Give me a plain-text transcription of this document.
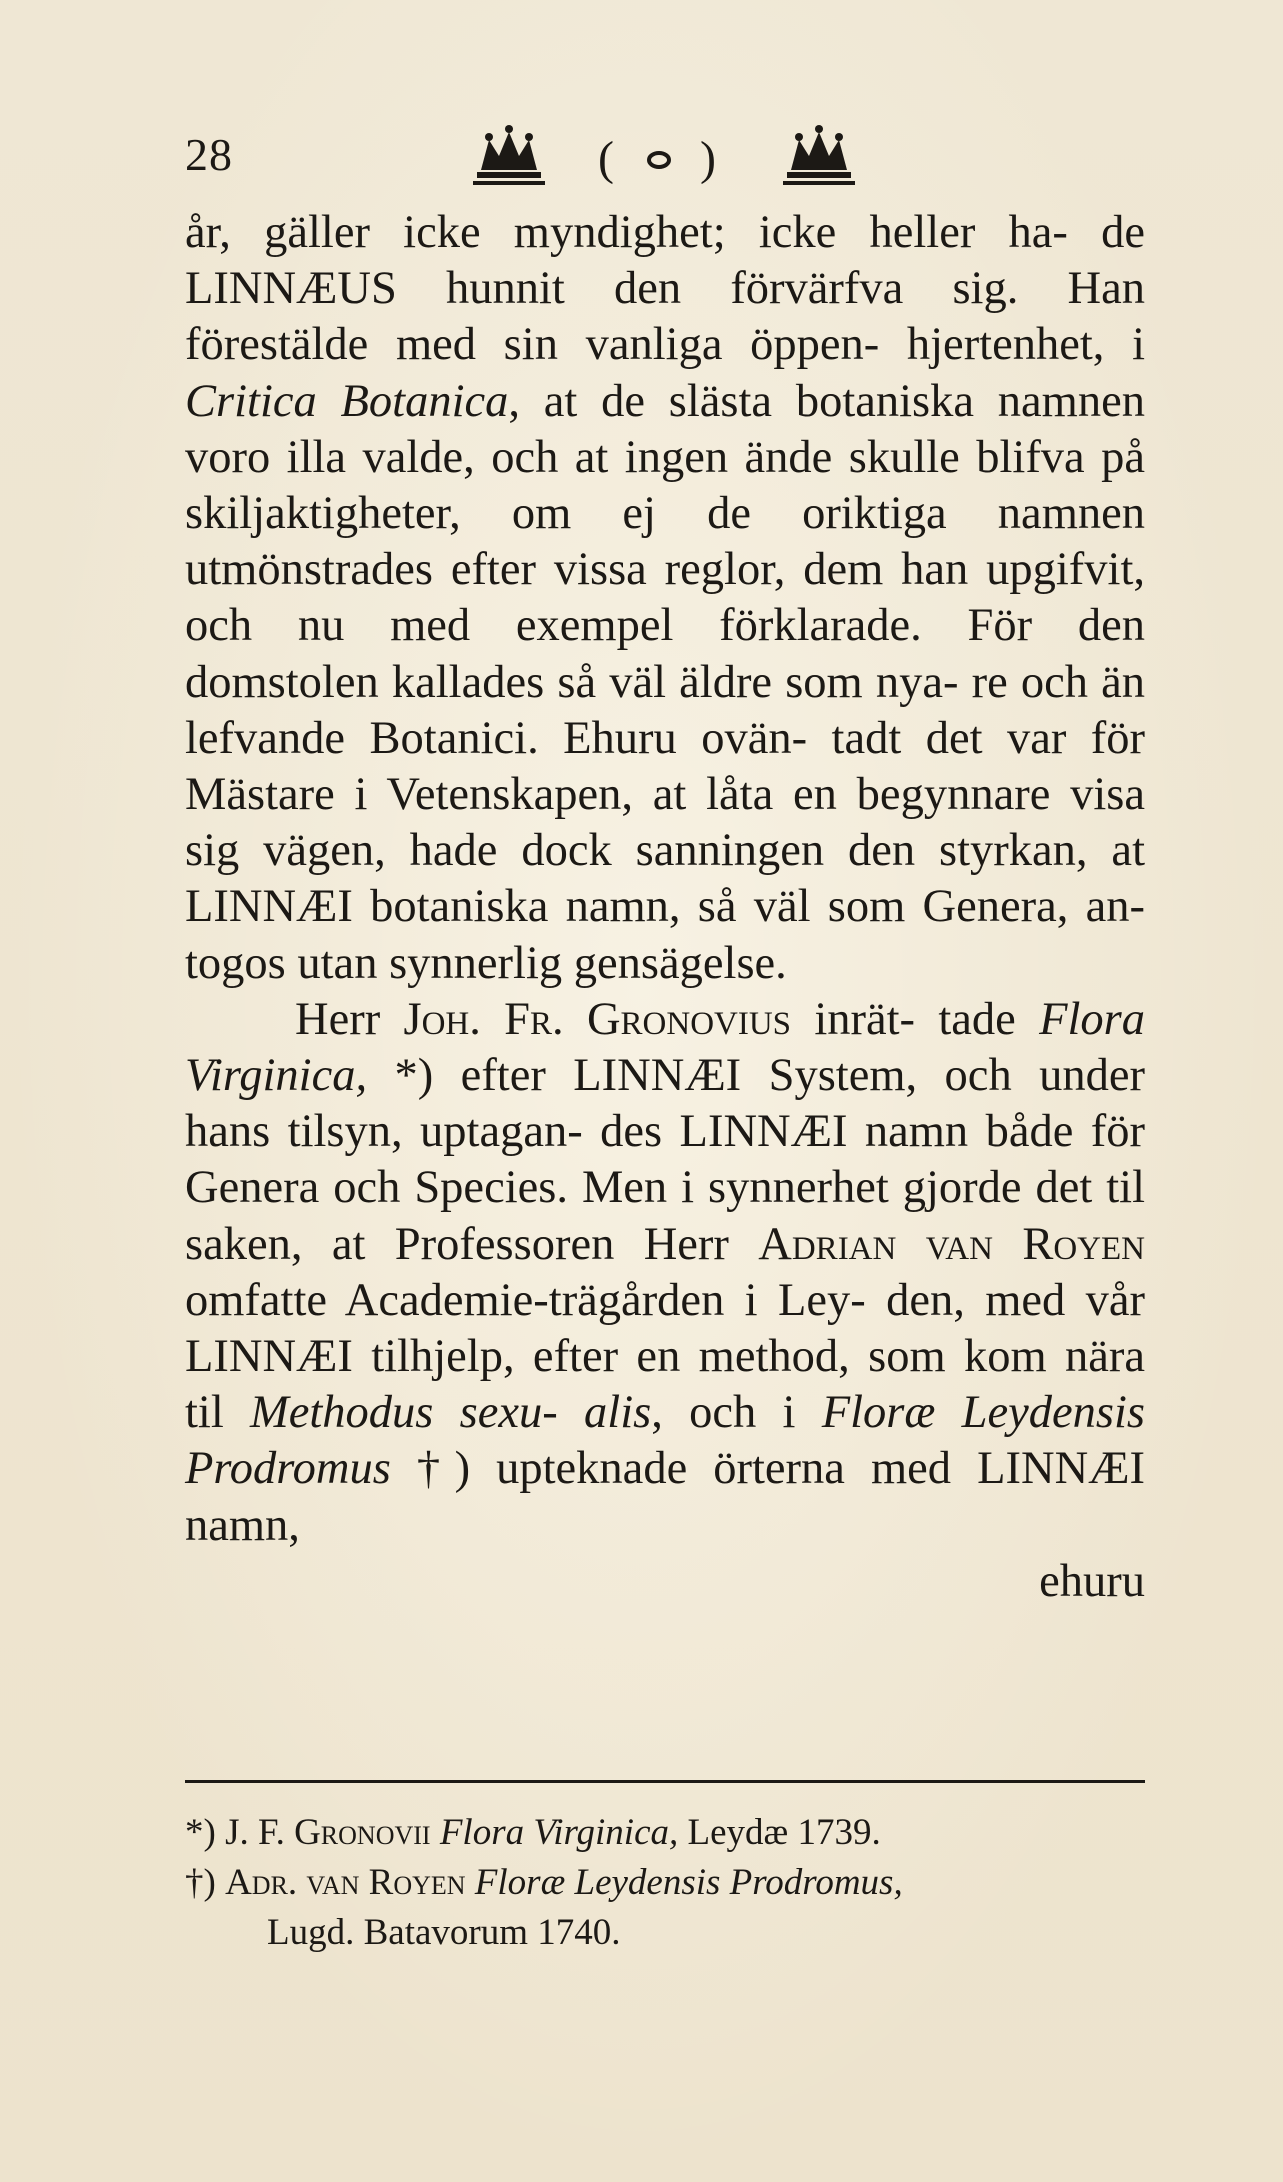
28	( )

år, gäller icke myndighet; icke heller ha- de LINNÆUS hunnit den förvärfva sig. Han förestälde med sin vanliga öppen- hjertenhet, i Critica Botanica, at de slästa botaniska namnen voro illa valde, och at ingen ände skulle blifva på skiljaktigheter, om ej de oriktiga namnen utmönstrades efter vissa reglor, dem han upgifvit, och nu med exempel förklarade. För den domstolen kallades så väl äldre som nya- re och än lefvande Botanici. Ehuru ovän- tadt det var för Mästare i Vetenskapen, at låta en begynnare visa sig vägen, hade dock sanningen den styrkan, at LINNÆI botaniska namn, så väl som Genera, an- togos utan synnerlig gensägelse.

Herr Joh. Fr. Gronovius inrät- tade Flora Virginica, *) efter LINNÆI System, och under hans tilsyn, uptagan- des LINNÆI namn både för Genera och Species. Men i synnerhet gjorde det til saken, at Professoren Herr Adrian van Royen omfatte Academie-trägården i Ley- den, med vår LINNÆI tilhjelp, efter en method, som kom nära til Methodus sexu- alis, och i Floræ Leydensis Prodromus †) upteknade örterna med LINNÆI namn,

ehuru

*) J. F. Gronovii Flora Virginica, Leydæ 1739.

†) Adr. van Royen Floræ Leydensis Prodromus,

Lugd. Batavorum 1740.
